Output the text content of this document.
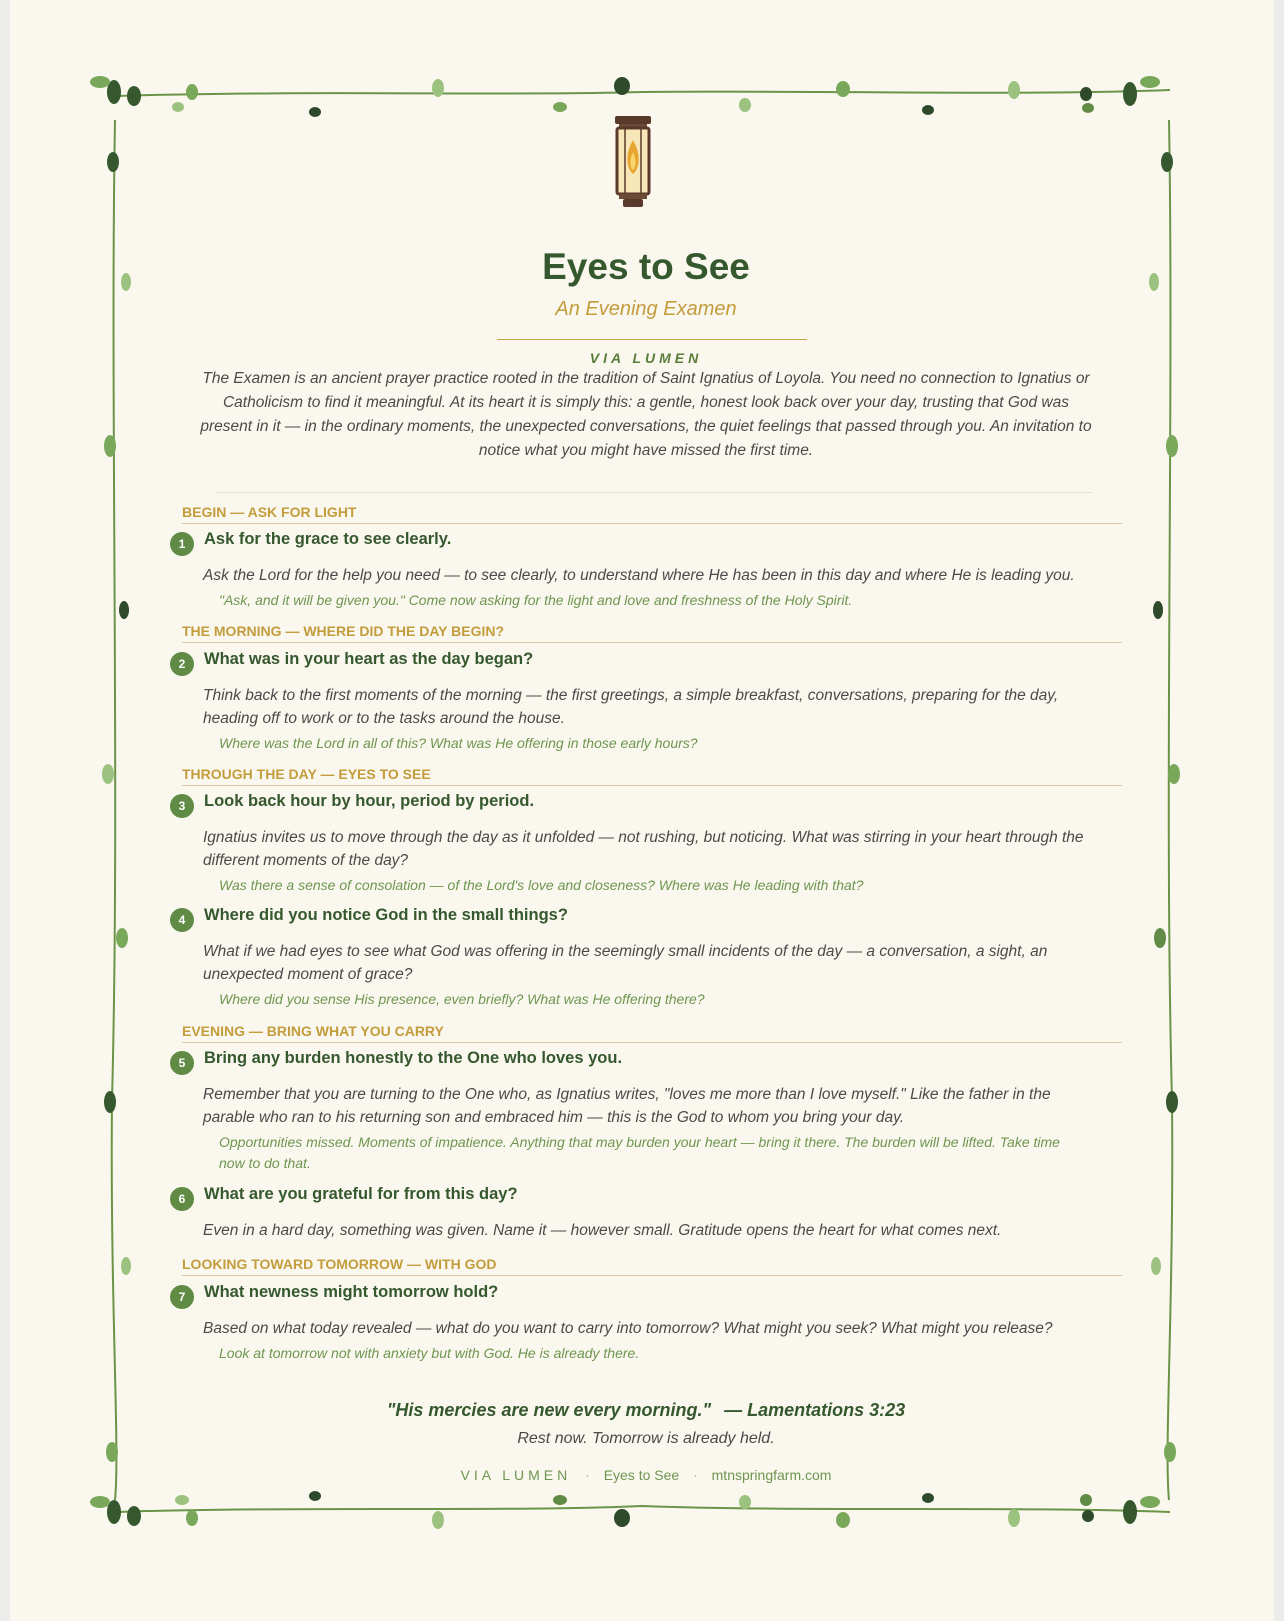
Eyes to See
An Evening Examen
VIA LUMEN
The Examen is an ancient prayer practice rooted in the tradition of Saint Ignatius of Loyola. You need no connection to Ignatius or Catholicism to find it meaningful. At its heart it is simply this: a gentle, honest look back over your day, trusting that God was present in it — in the ordinary moments, the unexpected conversations, the quiet feelings that passed through you. An invitation to notice what you might have missed the first time.
BEGIN — ASK FOR LIGHT
1	Ask for the grace to see clearly.
Ask the Lord for the help you need — to see clearly, to understand where He has been in this day and where He is leading you.
"Ask, and it will be given you." Come now asking for the light and love and freshness of the Holy Spirit.
THE MORNING — WHERE DID THE DAY BEGIN?
2	What was in your heart as the day began?
Think back to the first moments of the morning — the first greetings, a simple breakfast, conversations, preparing for the day, heading off to work or to the tasks around the house.
Where was the Lord in all of this? What was He offering in those early hours?
THROUGH THE DAY — EYES TO SEE
3	Look back hour by hour, period by period.
Ignatius invites us to move through the day as it unfolded — not rushing, but noticing. What was stirring in your heart through the different moments of the day?
Was there a sense of consolation — of the Lord's love and closeness? Where was He leading with that?
4	Where did you notice God in the small things?
What if we had eyes to see what God was offering in the seemingly small incidents of the day — a conversation, a sight, an unexpected moment of grace?
Where did you sense His presence, even briefly? What was He offering there?
EVENING — BRING WHAT YOU CARRY
5	Bring any burden honestly to the One who loves you.
Remember that you are turning to the One who, as Ignatius writes, "loves me more than I love myself." Like the father in the parable who ran to his returning son and embraced him — this is the God to whom you bring your day.
Opportunities missed. Moments of impatience. Anything that may burden your heart — bring it there. The burden will be lifted. Take time now to do that.
6	What are you grateful for from this day?
Even in a hard day, something was given. Name it — however small. Gratitude opens the heart for what comes next.
LOOKING TOWARD TOMORROW — WITH GOD
7	What newness might tomorrow hold?
Based on what today revealed — what do you want to carry into tomorrow? What might you seek? What might you release?
Look at tomorrow not with anxiety but with God. He is already there.
"His mercies are new every morning." — Lamentations 3:23
Rest now. Tomorrow is already held.
VIA LUMEN · Eyes to See · mtnspringfarm.com
